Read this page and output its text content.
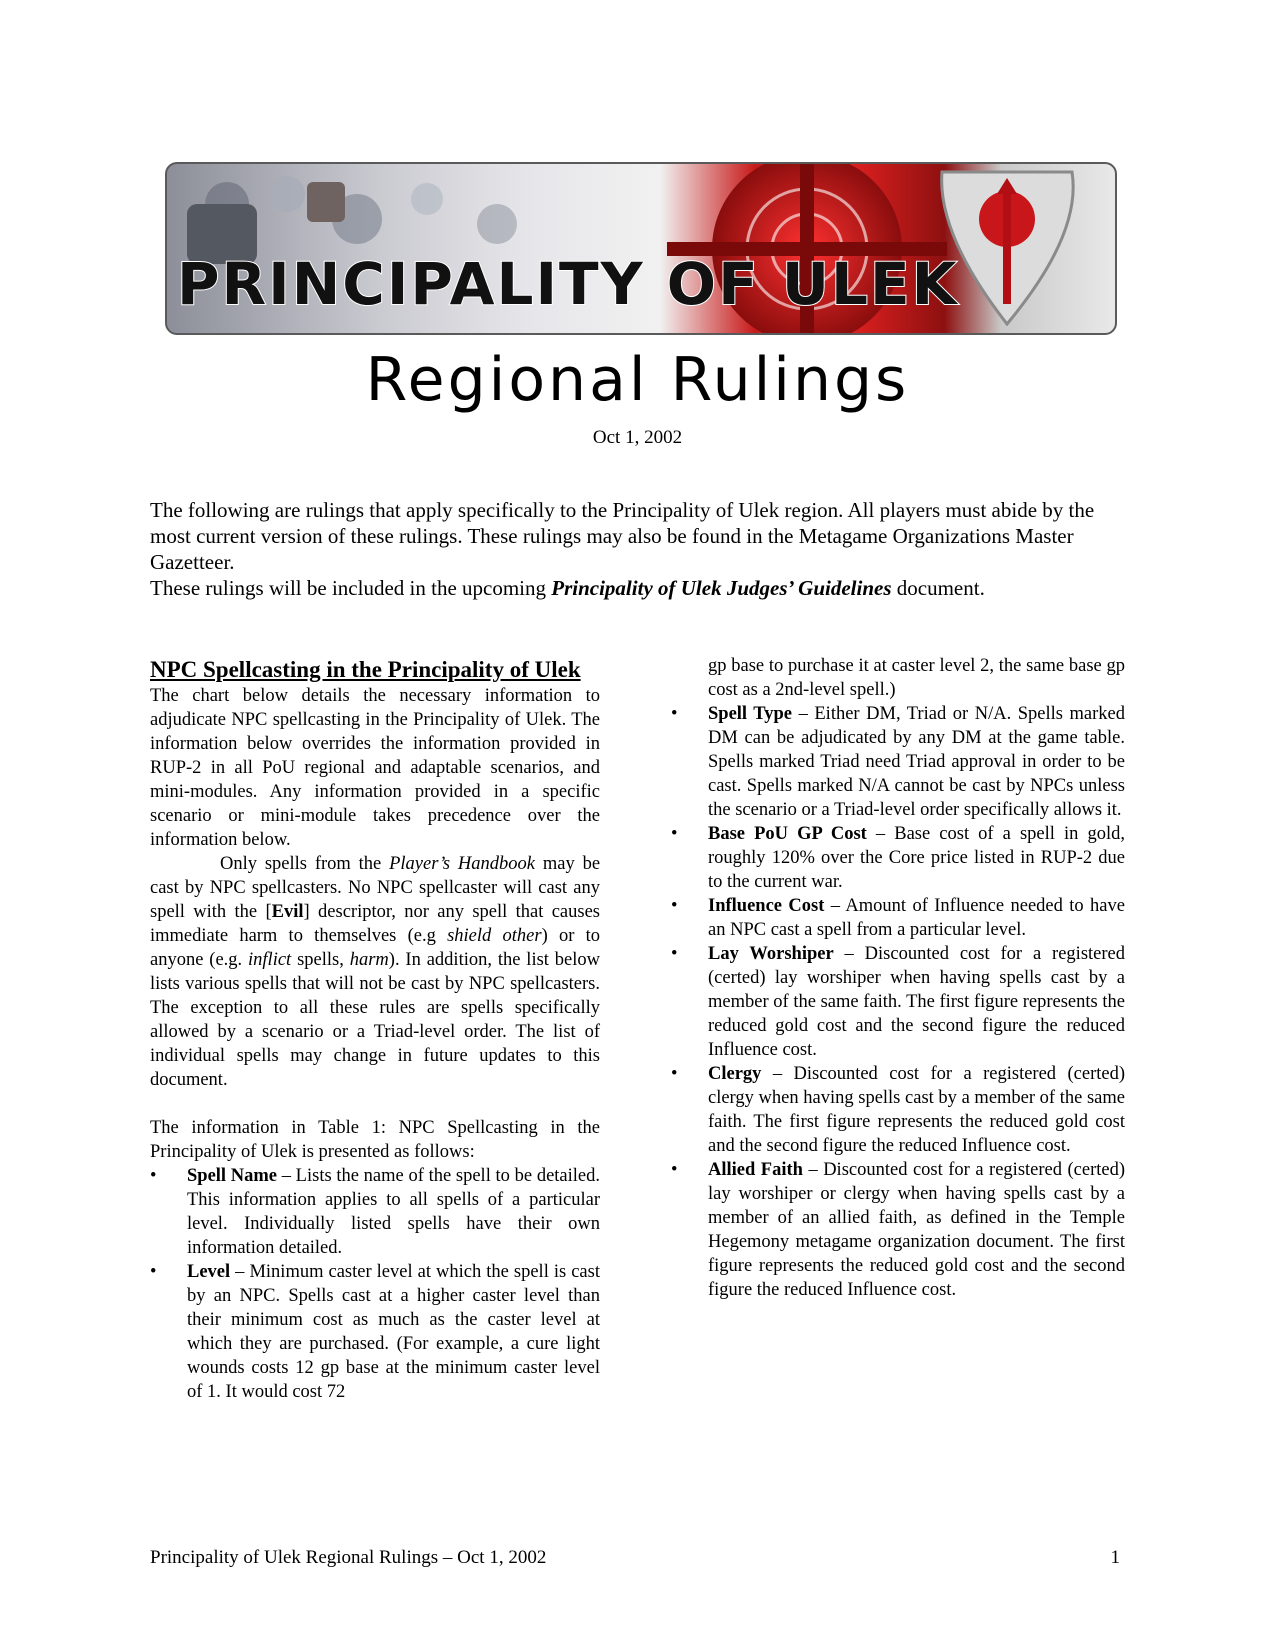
PRINCIPALITY OF ULEK
Regional Rulings
Oct 1, 2002

The following are rulings that apply specifically to the Principality of Ulek region. All players must abide by the most current version of these rulings. These rulings may also be found in the Metagame Organizations Master Gazetteer.

These rulings will be included in the upcoming Principality of Ulek Judges’ Guidelines document.

NPC Spellcasting in the Principality of Ulek

The chart below details the necessary information to adjudicate NPC spellcasting in the Principality of Ulek. The information below overrides the information provided in RUP-2 in all PoU regional and adaptable scenarios, and mini-modules. Any information provided in a specific scenario or mini-module takes precedence over the information below.

Only spells from the Player’s Handbook may be cast by NPC spellcasters. No NPC spellcaster will cast any spell with the [Evil] descriptor, nor any spell that causes immediate harm to themselves (e.g shield other) or to anyone (e.g. inflict spells, harm). In addition, the list below lists various spells that will not be cast by NPC spellcasters. The exception to all these rules are spells specifically allowed by a scenario or a Triad-level order. The list of individual spells may change in future updates to this document.

The information in Table 1: NPC Spellcasting in the Principality of Ulek is presented as follows:

• Spell Name – Lists the name of the spell to be detailed. This information applies to all spells of a particular level. Individually listed spells have their own information detailed.
• Level – Minimum caster level at which the spell is cast by an NPC. Spells cast at a higher caster level than their minimum cost as much as the caster level at which they are purchased. (For example, a cure light wounds costs 12 gp base at the minimum caster level of 1. It would cost 72
gp base to purchase it at caster level 2, the same base gp cost as a 2nd-level spell.)
• Spell Type – Either DM, Triad or N/A. Spells marked DM can be adjudicated by any DM at the game table. Spells marked Triad need Triad approval in order to be cast. Spells marked N/A cannot be cast by NPCs unless the scenario or a Triad-level order specifically allows it.
• Base PoU GP Cost – Base cost of a spell in gold, roughly 120% over the Core price listed in RUP-2 due to the current war.
• Influence Cost – Amount of Influence needed to have an NPC cast a spell from a particular level.
• Lay Worshiper – Discounted cost for a registered (certed) lay worshiper when having spells cast by a member of the same faith. The first figure represents the reduced gold cost and the second figure the reduced Influence cost.
• Clergy – Discounted cost for a registered (certed) clergy when having spells cast by a member of the same faith. The first figure represents the reduced gold cost and the second figure the reduced Influence cost.
• Allied Faith – Discounted cost for a registered (certed) lay worshiper or clergy when having spells cast by a member of an allied faith, as defined in the Temple Hegemony metagame organization document. The first figure represents the reduced gold cost and the second figure the reduced Influence cost.
Principality of Ulek Regional Rulings – Oct 1, 2002	1
